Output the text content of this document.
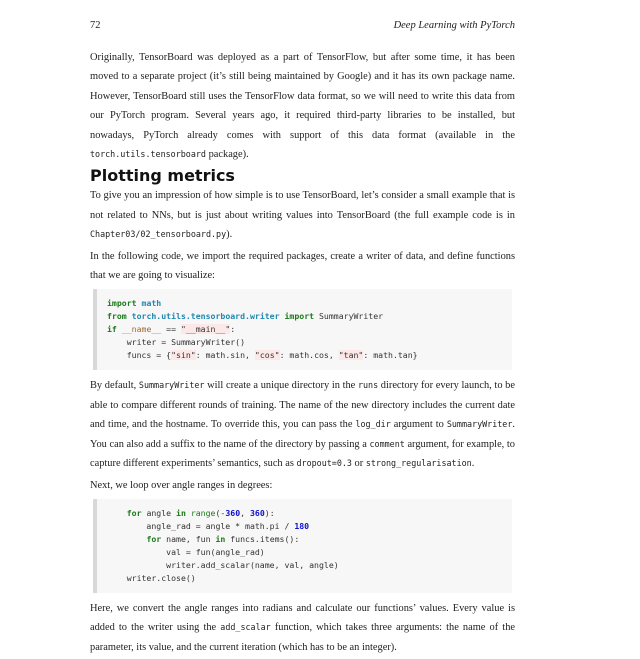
72	Deep Learning with PyTorch
Originally, TensorBoard was deployed as a part of TensorFlow, but after some time, it has been moved to a separate project (it’s still being maintained by Google) and it has its own package name. However, TensorBoard still uses the TensorFlow data format, so we will need to write this data from our PyTorch program. Several years ago, it required third-party libraries to be installed, but nowadays, PyTorch already comes with support of this data format (available in the torch.utils.tensorboard package).
Plotting metrics
To give you an impression of how simple is to use TensorBoard, let’s consider a small example that is not related to NNs, but is just about writing values into TensorBoard (the full example code is in Chapter03/02_tensorboard.py).
In the following code, we import the required packages, create a writer of data, and define functions that we are going to visualize:
import math
from torch.utils.tensorboard.writer import SummaryWriter
if __name__ == "__main__":
writer = SummaryWriter()
funcs = {"sin": math.sin, "cos": math.cos, "tan": math.tan}
By default, SummaryWriter will create a unique directory in the runs directory for every launch, to be able to compare different rounds of training. The name of the new directory includes the current date and time, and the hostname. To override this, you can pass the log_dir argument to SummaryWriter. You can also add a suffix to the name of the directory by passing a comment argument, for example, to capture different experiments’ semantics, such as dropout=0.3 or strong_regularisation.
Next, we loop over angle ranges in degrees:
for angle in range(-360, 360):
angle_rad = angle * math.pi / 180
for name, fun in funcs.items():
val = fun(angle_rad)
writer.add_scalar(name, val, angle)
writer.close()
Here, we convert the angle ranges into radians and calculate our functions’ values. Every value is added to the writer using the add_scalar function, which takes three arguments: the name of the parameter, its value, and the current iteration (which has to be an integer).
